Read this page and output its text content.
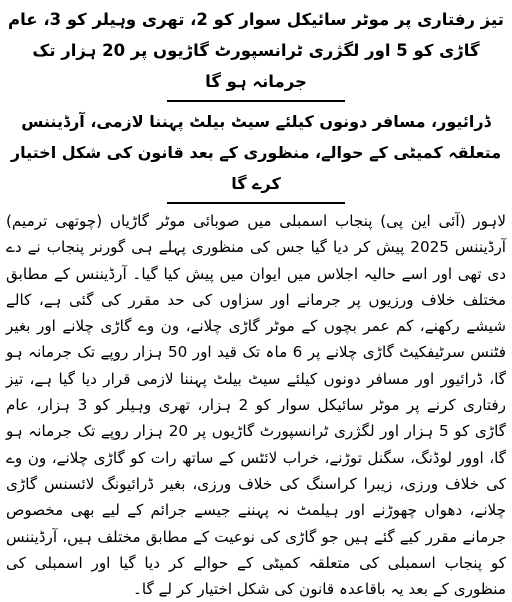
تیز رفتاری پر موٹر سائیکل سوار کو 2، تھری وہیلر کو 3، عام گاڑی کو 5 اور لگژری ٹرانسپورٹ گاڑیوں پر 20 ہزار تک جرمانہ ہو گا
ڈرائیور، مسافر دونوں کیلئے سیٹ بیلٹ پہننا لازمی، آرڈیننس متعلقہ کمیٹی کے حوالے، منظوری کے بعد قانون کی شکل اختیار کرے گا

لاہور (آئی این پی) پنجاب اسمبلی میں صوبائی موٹر گاڑیاں (چوتھی ترمیم) آرڈیننس 2025 پیش کر دیا گیا جس کی منظوری پہلے ہی گورنر پنجاب نے دے دی تھی اور اسے حالیہ اجلاس میں ایوان میں پیش کیا گیا۔ آرڈیننس کے مطابق مختلف خلاف ورزیوں پر جرمانے اور سزاوں کی حد مقرر کی گئی ہے، کالے شیشے رکھنے، کم عمر بچوں کے موٹر گاڑی چلانے، ون وے گاڑی چلانے اور بغیر فٹنس سرٹیفکیٹ گاڑی چلانے پر 6 ماہ تک قید اور 50 ہزار روپے تک جرمانہ ہو گا، ڈرائیور اور مسافر دونوں کیلئے سیٹ بیلٹ پہننا لازمی قرار دیا گیا ہے، تیز رفتاری کرنے پر موٹر سائیکل سوار کو 2 ہزار، تھری وہیلر کو 3 ہزار، عام گاڑی کو 5 ہزار اور لگژری ٹرانسپورٹ گاڑیوں پر 20 ہزار روپے تک جرمانہ ہو گا، اوور لوڈنگ، سگنل توڑنے، خراب لائٹس کے ساتھ رات کو گاڑی چلانے، ون وے کی خلاف ورزی، زیبرا کراسنگ کی خلاف ورزی، بغیر ڈرائیونگ لائسنس گاڑی چلانے، دھواں چھوڑنے اور ہیلمٹ نہ پہننے جیسے جرائم کے لیے بھی مخصوص جرمانے مقرر کیے گئے ہیں جو گاڑی کی نوعیت کے مطابق مختلف ہیں، آرڈیننس کو پنجاب اسمبلی کی متعلقہ کمیٹی کے حوالے کر دیا گیا اور اسمبلی کی منظوری کے بعد یہ باقاعدہ قانون کی شکل اختیار کر لے گا۔
